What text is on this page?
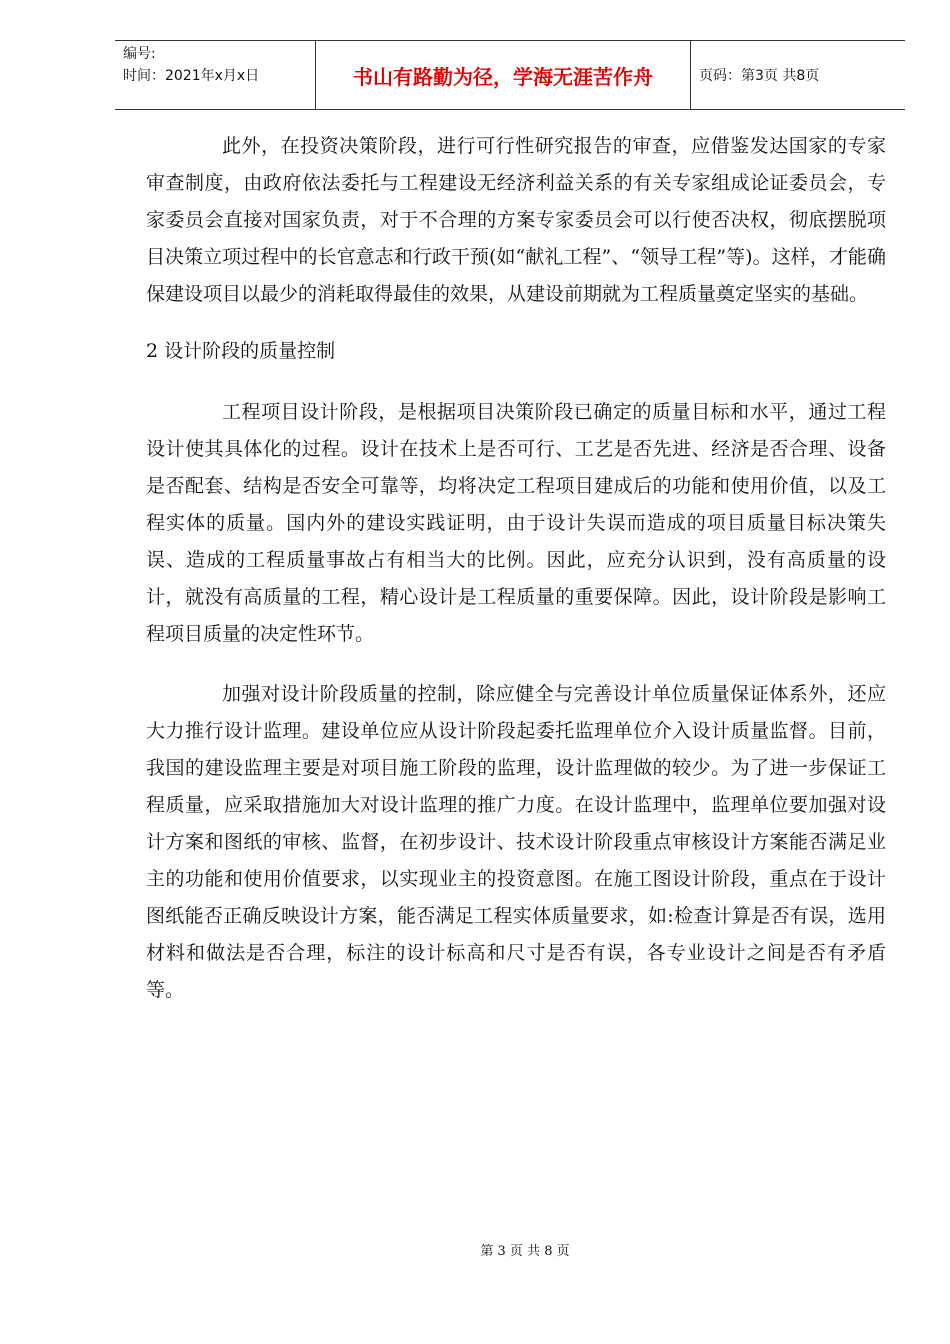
编号:
时间：2021年x月x日	书山有路勤为径，学海无涯苦作舟	页码：第3页 共8页

此外，在投资决策阶段，进行可行性研究报告的审查，应借鉴发达国家的专家审查制度，由政府依法委托与工程建设无经济利益关系的有关专家组成论证委员会，专家委员会直接对国家负责，对于不合理的方案专家委员会可以行使否决权，彻底摆脱项目决策立项过程中的长官意志和行政干预(如“献礼工程”、“领导工程”等)。这样，才能确保建设项目以最少的消耗取得最佳的效果，从建设前期就为工程质量奠定坚实的基础。

2 设计阶段的质量控制

工程项目设计阶段，是根据项目决策阶段已确定的质量目标和水平，通过工程设计使其具体化的过程。设计在技术上是否可行、工艺是否先进、经济是否合理、设备是否配套、结构是否安全可靠等，均将决定工程项目建成后的功能和使用价值，以及工程实体的质量。国内外的建设实践证明，由于设计失误而造成的项目质量目标决策失误、造成的工程质量事故占有相当大的比例。因此，应充分认识到，没有高质量的设计，就没有高质量的工程，精心设计是工程质量的重要保障。因此，设计阶段是影响工程项目质量的决定性环节。

加强对设计阶段质量的控制，除应健全与完善设计单位质量保证体系外，还应大力推行设计监理。建设单位应从设计阶段起委托监理单位介入设计质量监督。目前，我国的建设监理主要是对项目施工阶段的监理，设计监理做的较少。为了进一步保证工程质量，应采取措施加大对设计监理的推广力度。在设计监理中，监理单位要加强对设计方案和图纸的审核、监督，在初步设计、技术设计阶段重点审核设计方案能否满足业主的功能和使用价值要求，以实现业主的投资意图。在施工图设计阶段，重点在于设计图纸能否正确反映设计方案，能否满足工程实体质量要求，如:检查计算是否有误，选用材料和做法是否合理，标注的设计标高和尺寸是否有误，各专业设计之间是否有矛盾等。

第 3 页 共 8 页
